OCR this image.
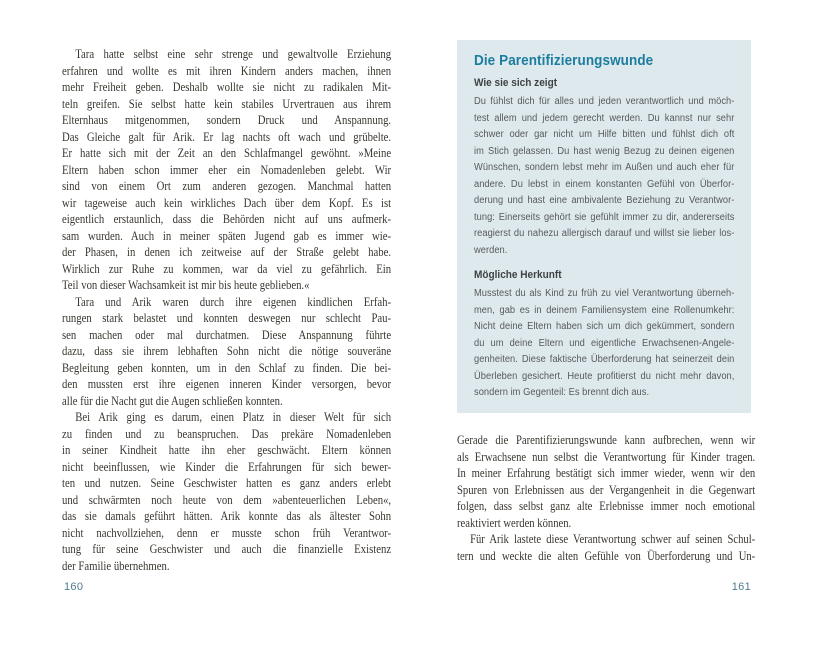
Tara hatte selbst eine sehr strenge und gewaltvolle Erziehung
erfahren und wollte es mit ihren Kindern anders machen, ihnen
mehr Freiheit geben. Deshalb wollte sie nicht zu radikalen Mit-
teln greifen. Sie selbst hatte kein stabiles Urvertrauen aus ihrem
Elternhaus mitgenommen, sondern Druck und Anspannung.
Das Gleiche galt für Arik. Er lag nachts oft wach und grübelte.
Er hatte sich mit der Zeit an den Schlafmangel gewöhnt. »Meine
Eltern haben schon immer eher ein Nomadenleben gelebt. Wir
sind von einem Ort zum anderen gezogen. Manchmal hatten
wir tageweise auch kein wirkliches Dach über dem Kopf. Es ist
eigentlich erstaunlich, dass die Behörden nicht auf uns aufmerk-
sam wurden. Auch in meiner späten Jugend gab es immer wie-
der Phasen, in denen ich zeitweise auf der Straße gelebt habe.
Wirklich zur Ruhe zu kommen, war da viel zu gefährlich. Ein
Teil von dieser Wachsamkeit ist mir bis heute geblieben.«
Tara und Arik waren durch ihre eigenen kindlichen Erfah-
rungen stark belastet und konnten deswegen nur schlecht Pau-
sen machen oder mal durchatmen. Diese Anspannung führte
dazu, dass sie ihrem lebhaften Sohn nicht die nötige souveräne
Begleitung geben konnten, um in den Schlaf zu finden. Die bei-
den mussten erst ihre eigenen inneren Kinder versorgen, bevor
alle für die Nacht gut die Augen schließen konnten.
Bei Arik ging es darum, einen Platz in dieser Welt für sich
zu finden und zu beanspruchen. Das prekäre Nomadenleben
in seiner Kindheit hatte ihn eher geschwächt. Eltern können
nicht beeinflussen, wie Kinder die Erfahrungen für sich bewer-
ten und nutzen. Seine Geschwister hatten es ganz anders erlebt
und schwärmten noch heute von dem »abenteuerlichen Leben«,
das sie damals geführt hätten. Arik konnte das als ältester Sohn
nicht nachvollziehen, denn er musste schon früh Verantwor-
tung für seine Geschwister und auch die finanzielle Existenz
der Familie übernehmen.
Die Parentifizierungswunde
Wie sie sich zeigt
Du fühlst dich für alles und jeden verantwortlich und möch-
test allem und jedem gerecht werden. Du kannst nur sehr
schwer oder gar nicht um Hilfe bitten und fühlst dich oft
im Stich gelassen. Du hast wenig Bezug zu deinen eigenen
Wünschen, sondern lebst mehr im Außen und auch eher für
andere. Du lebst in einem konstanten Gefühl von Überfor-
derung und hast eine ambivalente Beziehung zu Verantwor-
tung: Einerseits gehört sie gefühlt immer zu dir, andererseits
reagierst du nahezu allergisch darauf und willst sie lieber los-
werden.
Mögliche Herkunft
Musstest du als Kind zu früh zu viel Verantwortung überneh-
men, gab es in deinem Familiensystem eine Rollenumkehr:
Nicht deine Eltern haben sich um dich gekümmert, sondern
du um deine Eltern und eigentliche Erwachsenen-Angele-
genheiten. Diese faktische Überforderung hat seinerzeit dein
Überleben gesichert. Heute profitierst du nicht mehr davon,
sondern im Gegenteil: Es brennt dich aus.
Gerade die Parentifizierungswunde kann aufbrechen, wenn wir
als Erwachsene nun selbst die Verantwortung für Kinder tragen.
In meiner Erfahrung bestätigt sich immer wieder, wenn wir den
Spuren von Erlebnissen aus der Vergangenheit in die Gegenwart
folgen, dass selbst ganz alte Erlebnisse immer noch emotional
reaktiviert werden können.
Für Arik lastete diese Verantwortung schwer auf seinen Schul-
tern und weckte die alten Gefühle von Überforderung und Un-
160	161
